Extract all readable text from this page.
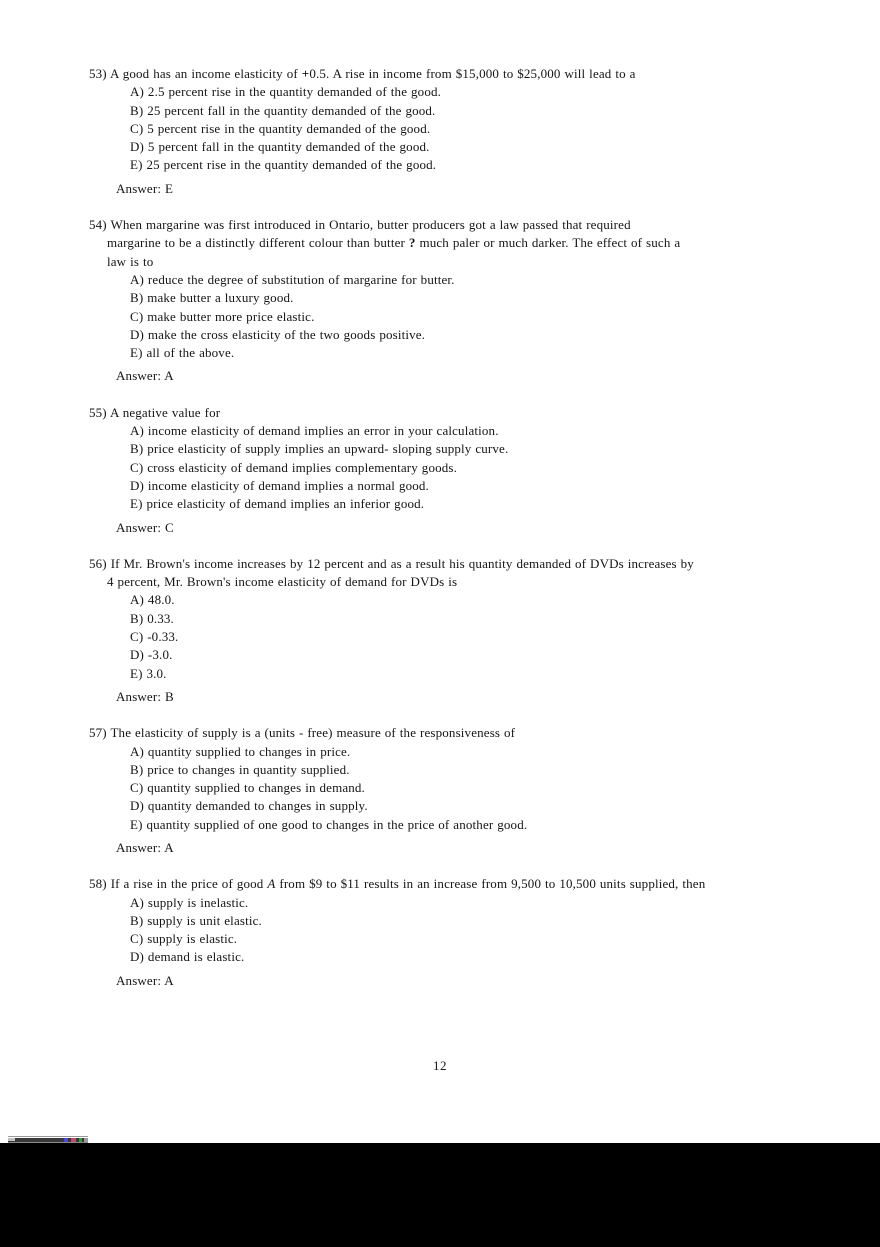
53) A good has an income elasticity of +0.5. A rise in income from $15,000 to $25,000 will lead to a
A) 2.5 percent rise in the quantity demanded of the good.
B) 25 percent fall in the quantity demanded of the good.
C) 5 percent rise in the quantity demanded of the good.
D) 5 percent fall in the quantity demanded of the good.
E) 25 percent rise in the quantity demanded of the good.
Answer: E
54) When margarine was first introduced in Ontario, butter producers got a law passed that required
margarine to be a distinctly different colour than butter ? much paler or much darker. The effect of such a
law is to
A) reduce the degree of substitution of margarine for butter.
B) make butter a luxury good.
C) make butter more price elastic.
D) make the cross elasticity of the two goods positive.
E) all of the above.
Answer: A
55) A negative value for
A) income elasticity of demand implies an error in your calculation.
B) price elasticity of supply implies an upward- sloping supply curve.
C) cross elasticity of demand implies complementary goods.
D) income elasticity of demand implies a normal good.
E) price elasticity of demand implies an inferior good.
Answer: C
56) If Mr. Brown's income increases by 12 percent and as a result his quantity demanded of DVDs increases by
4 percent, Mr. Brown's income elasticity of demand for DVDs is
A) 48.0.
B) 0.33.
C) -0.33.
D) -3.0.
E) 3.0.
Answer: B
57) The elasticity of supply is a (units - free) measure of the responsiveness of
A) quantity supplied to changes in price.
B) price to changes in quantity supplied.
C) quantity supplied to changes in demand.
D) quantity demanded to changes in supply.
E) quantity supplied of one good to changes in the price of another good.
Answer: A
58) If a rise in the price of good A from $9 to $11 results in an increase from 9,500 to 10,500 units supplied, then
A) supply is inelastic.
B) supply is unit elastic.
C) supply is elastic.
D) demand is elastic.
Answer: A
12
